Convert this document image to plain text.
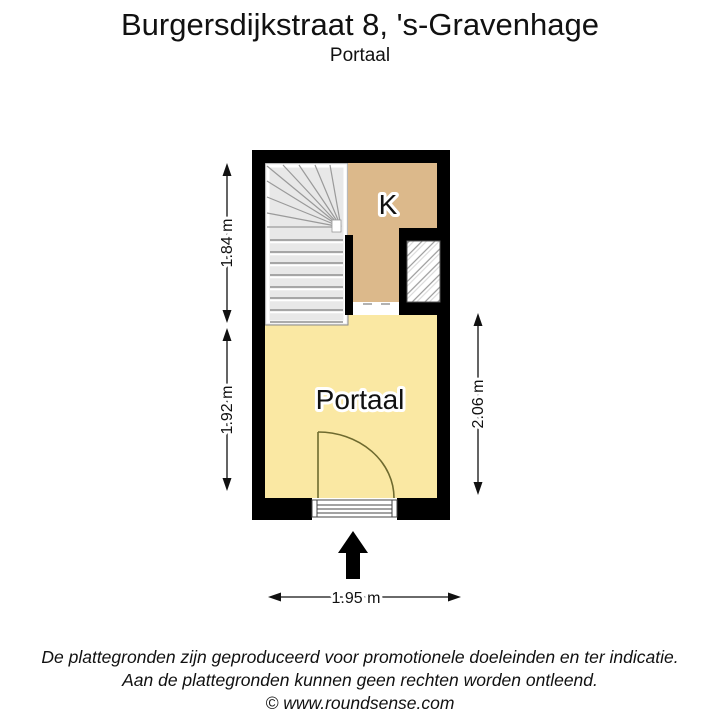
Burgersdijkstraat 8, 's-Gravenhage
Portaal
K
Portaal
1.84 m
1.92 m	2.06 m
1.95 m
De plattegronden zijn geproduceerd voor promotionele doeleinden en ter indicatie.
Aan de plattegronden kunnen geen rechten worden ontleend.
© www.roundsense.com
